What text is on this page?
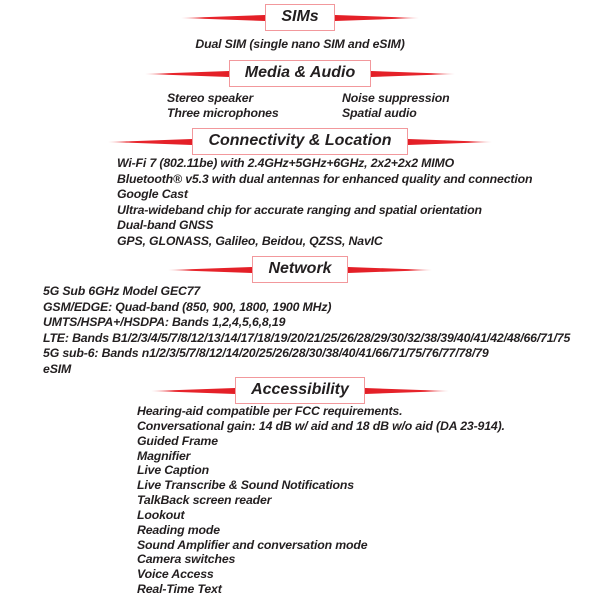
SIMs
Dual SIM (single nano SIM and eSIM)
Media & Audio
Stereo speaker
Three microphones
Noise suppression
Spatial audio
Connectivity & Location
Wi-Fi 7 (802.11be) with 2.4GHz+5GHz+6GHz, 2x2+2x2 MIMO
Bluetooth® v5.3 with dual antennas for enhanced quality and connection
Google Cast
Ultra-wideband chip for accurate ranging and spatial orientation
Dual-band GNSS
GPS, GLONASS, Galileo, Beidou, QZSS, NavIC
Network
5G Sub 6GHz Model GEC77
GSM/EDGE: Quad-band (850, 900, 1800, 1900 MHz)
UMTS/HSPA+/HSDPA: Bands 1,2,4,5,6,8,19
LTE: Bands B1/2/3/4/5/7/8/12/13/14/17/18/19/20/21/25/26/28/29/30/32/38/39/40/41/42/48/66/71/75
5G sub-6: Bands n1/2/3/5/7/8/12/14/20/25/26/28/30/38/40/41/66/71/75/76/77/78/79
eSIM
Accessibility
Hearing-aid compatible per FCC requirements.
Conversational gain: 14 dB w/ aid and 18 dB w/o aid (DA 23-914).
Guided Frame
Magnifier
Live Caption
Live Transcribe & Sound Notifications
TalkBack screen reader
Lookout
Reading mode
Sound Amplifier and conversation mode
Camera switches
Voice Access
Real-Time Text
